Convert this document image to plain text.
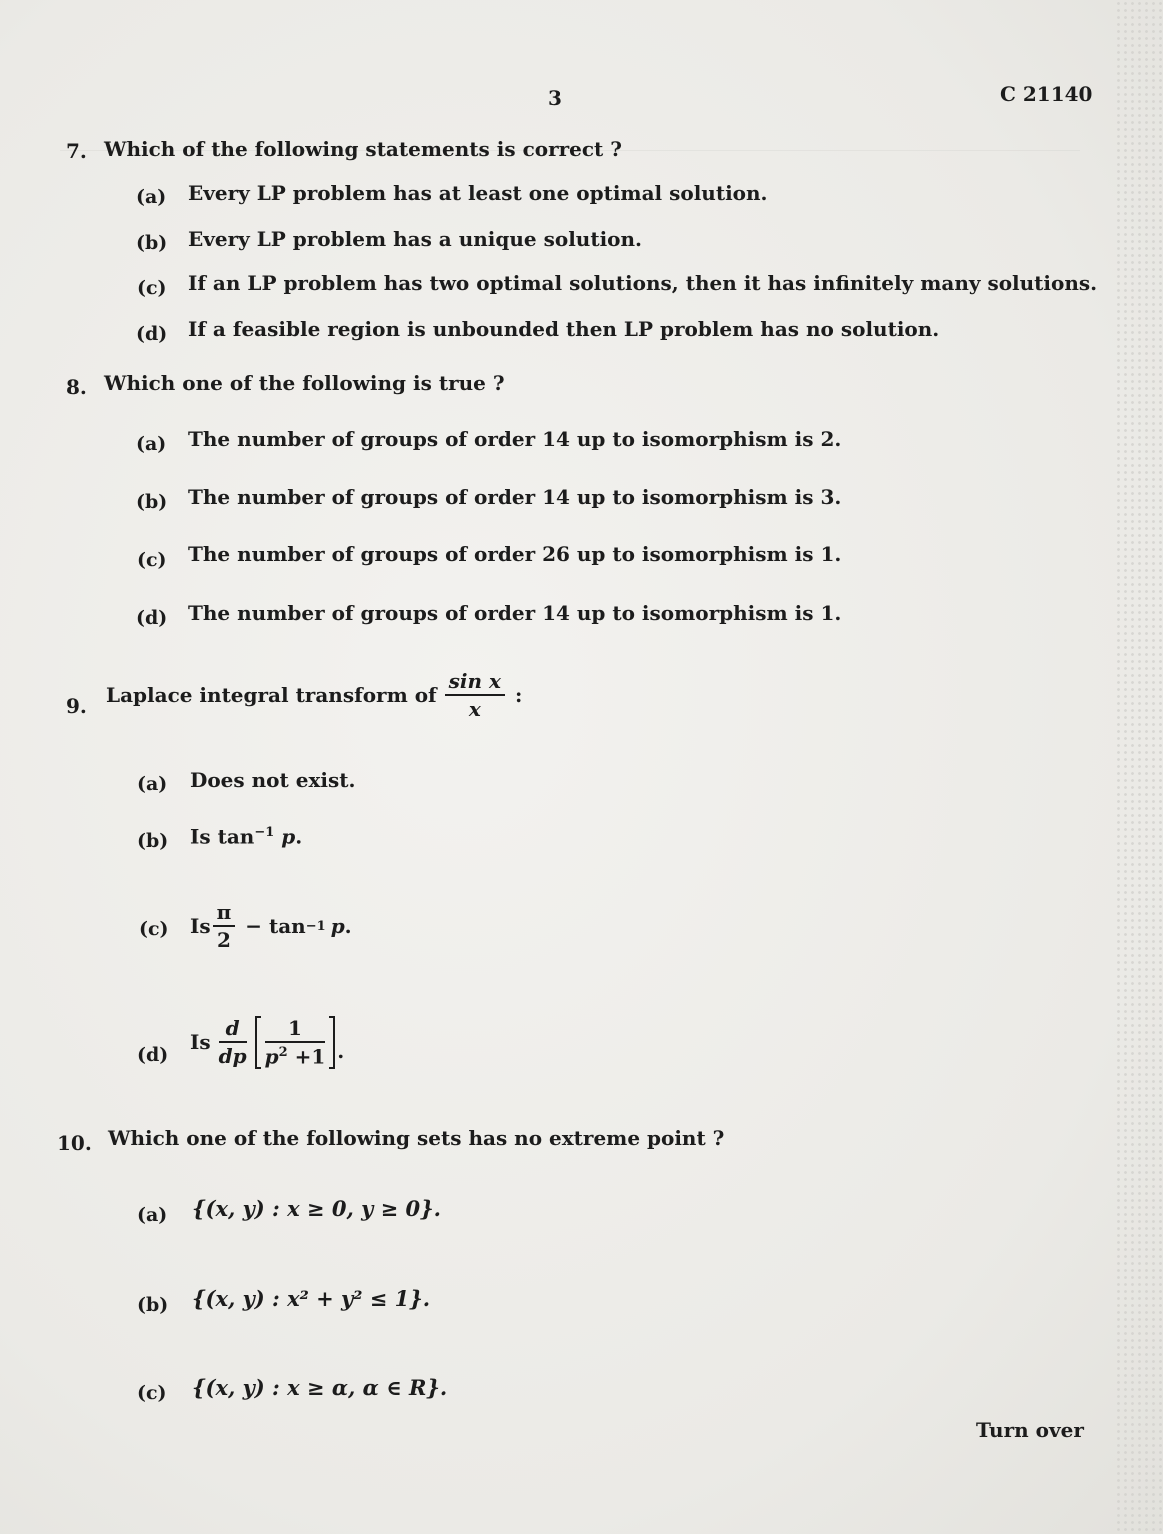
3	C 21140
7. Which of the following statements is correct ?
(a) Every LP problem has at least one optimal solution.
(b) Every LP problem has a unique solution.
(c) If an LP problem has two optimal solutions, then it has infinitely many solutions.
(d) If a feasible region is unbounded then LP problem has no solution.
8. Which one of the following is true ?
(a) The number of groups of order 14 up to isomorphism is 2.
(b) The number of groups of order 14 up to isomorphism is 3.
(c) The number of groups of order 26 up to isomorphism is 1.
(d) The number of groups of order 14 up to isomorphism is 1.
9. Laplace integral transform of $\frac{\text{sin x}}{x}$ :
(a) Does not exist.
(b) Is $\tan^{-1} p$.
(c) Is $\frac{\pi}{2} - \tan -1$ p .
(d)
Is $\frac{d}{dp} \frac{1}{p^2 +1}$ .
10. Which one of the following sets has no extreme point ?
(a) {(x, y) : x ≥ 0, y ≥ 0}.
(b) {(x, y) : x² + y² ≤ 1}.
(c) {(x, y) : x ≥ α, α ∈ R}.
Turn over
